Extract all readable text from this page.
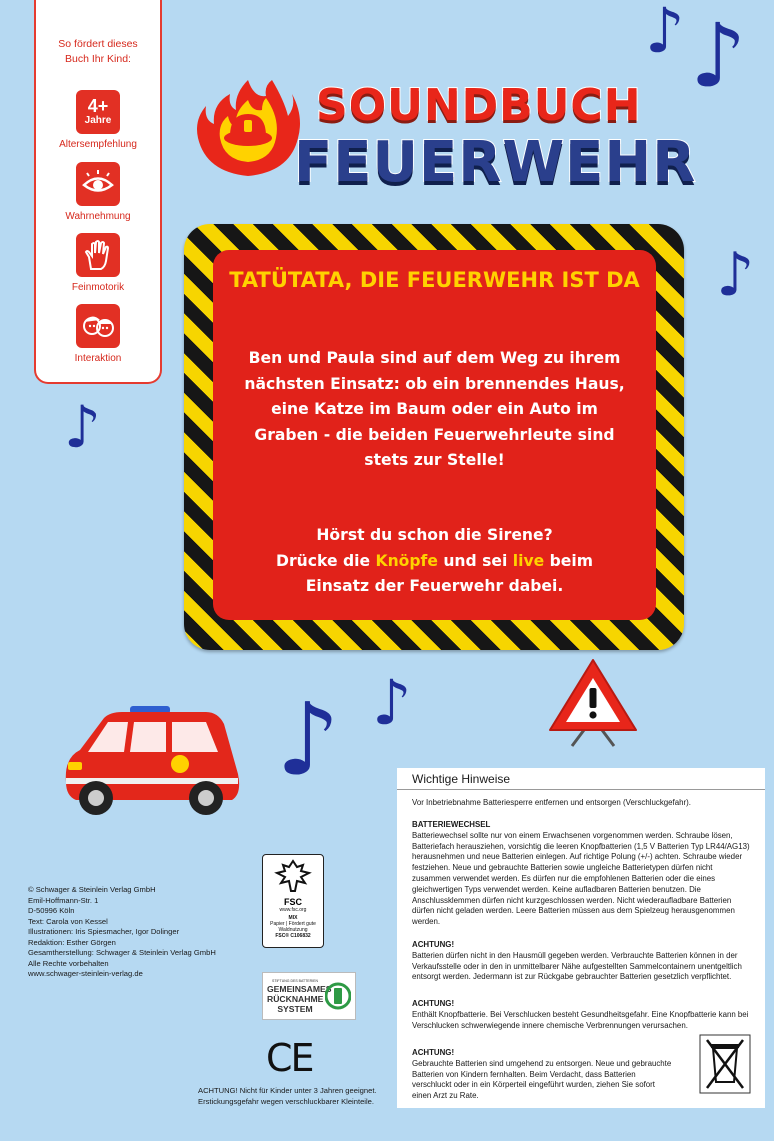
So fördert dieses
Buch Ihr Kind:
4+
Jahre
Altersempfehlung
Wahrnehmung
Feinmotorik
Interaktion
SOUNDBUCH
FEUERWEHR
♪ ♪
♪
♪
♪ ♪
TATÜTATA, DIE FEUERWEHR IST DA
Ben und Paula sind auf dem Weg zu ihrem
nächsten Einsatz: ob ein brennendes Haus,
eine Katze im Baum oder ein Auto im
Graben - die beiden Feuerwehrleute sind
stets zur Stelle!
Hörst du schon die Sirene?
Drücke die Knöpfe und sei live beim
Einsatz der Feuerwehr dabei.
© Schwager & Steinlein Verlag GmbH
Emil-Hoffmann-Str. 1
D-50996 Köln
Text: Carola von Kessel
Illustrationen: Iris Spiesmacher, Igor Dolinger
Redaktion: Esther Görgen
Gesamtherstellung: Schwager & Steinlein Verlag GmbH
Alle Rechte vorbehalten
www.schwager-steinlein-verlag.de
FSC
www.fsc.org
MIX
Papier | Fördert gute Waldnutzung
FSC® C106832
STIFTUNG DES BATTERIEN
GEMEINSAMES
RÜCKNAHME
SYSTEM
CE
ACHTUNG! Nicht für Kinder unter 3 Jahren geeignet.
Erstickungsgefahr wegen verschluckbarer Kleinteile.
Wichtige Hinweise

Vor Inbetriebnahme Batteriesperre entfernen und entsorgen (Verschluckgefahr).

BATTERIEWECHSEL
Batteriewechsel sollte nur von einem Erwachsenen vorgenommen werden. Schraube lösen, Batteriefach herausziehen, vorsichtig die leeren Knopfbatterien (1,5 V Batterien Typ LR44/AG13) herausnehmen und neue Batterien einlegen. Auf richtige Polung (+/-) achten. Schraube wieder festziehen. Neue und gebrauchte Batterien sowie ungleiche Batterietypen dürfen nicht zusammen verwendet werden. Es dürfen nur die empfohlenen Batterien oder die eines gleichwertigen Typs verwendet werden. Keine aufladbaren Batterien benutzen. Die Anschlussklemmen dürfen nicht kurzgeschlossen werden. Nicht wiederaufladbare Batterien dürfen nicht geladen werden. Leere Batterien müssen aus dem Spielzeug herausgenommen werden.

ACHTUNG!
Batterien dürfen nicht in den Hausmüll gegeben werden. Verbrauchte Batterien können in der Verkaufsstelle oder in den in unmittelbarer Nähe aufgestellten Sammelcontainern unentgeltlich entsorgt werden. Jedermann ist zur Rückgabe gebrauchter Batterien gesetzlich verpflichtet.

ACHTUNG!
Enthält Knopfbatterie. Bei Verschlucken besteht Gesundheitsgefahr. Eine Knopfbatterie kann bei Verschlucken schwerwiegende innere chemische Verbrennungen verursachen.

ACHTUNG!
Gebrauchte Batterien sind umgehend zu entsorgen. Neue und gebrauchte Batterien von Kindern fernhalten. Beim Verdacht, dass Batterien verschluckt oder in ein Körperteil eingeführt wurden, ziehen Sie sofort einen Arzt zu Rate.
